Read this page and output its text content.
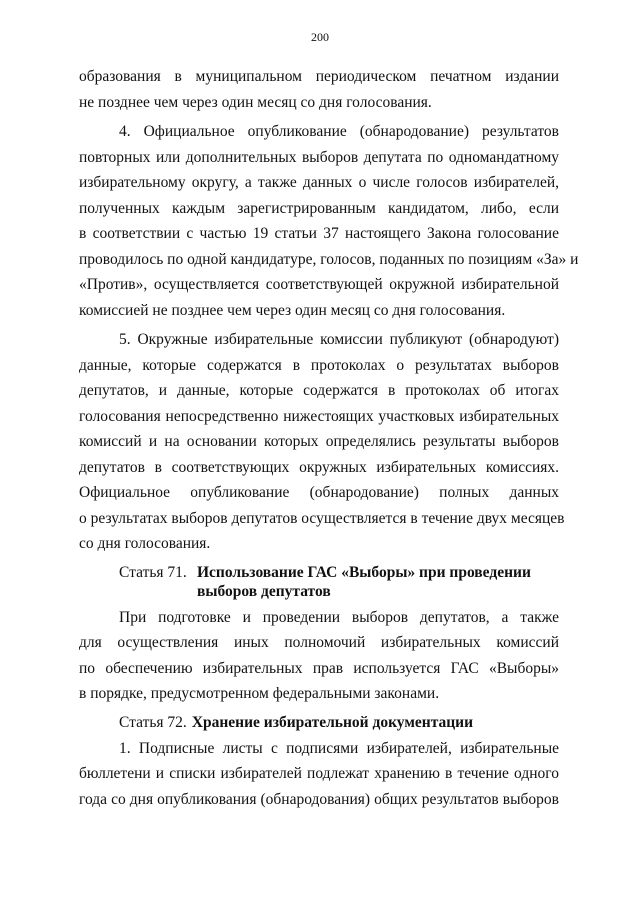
200
образования в муниципальном периодическом печатном издании
не позднее чем через один месяц со дня голосования.
4. Официальное опубликование (обнародование) результатов
повторных или дополнительных выборов депутата по одномандатному
избирательному округу, а также данных о числе голосов избирателей,
полученных каждым зарегистрированным кандидатом, либо, если
в соответствии с частью 19 статьи 37 настоящего Закона голосование
проводилось по одной кандидатуре, голосов, поданных по позициям «За» и
«Против», осуществляется соответствующей окружной избирательной
комиссией не позднее чем через один месяц со дня голосования.
5. Окружные избирательные комиссии публикуют (обнародуют)
данные, которые содержатся в протоколах о результатах выборов
депутатов, и данные, которые содержатся в протоколах об итогах
голосования непосредственно нижестоящих участковых избирательных
комиссий и на основании которых определялись результаты выборов
депутатов в соответствующих окружных избирательных комиссиях.
Официальное опубликование (обнародование) полных данных
о результатах выборов депутатов осуществляется в течение двух месяцев
со дня голосования.
Статья 71. Использование ГАС «Выборы» при проведении выборов депутатов
При подготовке и проведении выборов депутатов, а также
для осуществления иных полномочий избирательных комиссий
по обеспечению избирательных прав используется ГАС «Выборы»
в порядке, предусмотренном федеральными законами.
Статья 72. Хранение избирательной документации
1. Подписные листы с подписями избирателей, избирательные
бюллетени и списки избирателей подлежат хранению в течение одного
года со дня опубликования (обнародования) общих результатов выборов
